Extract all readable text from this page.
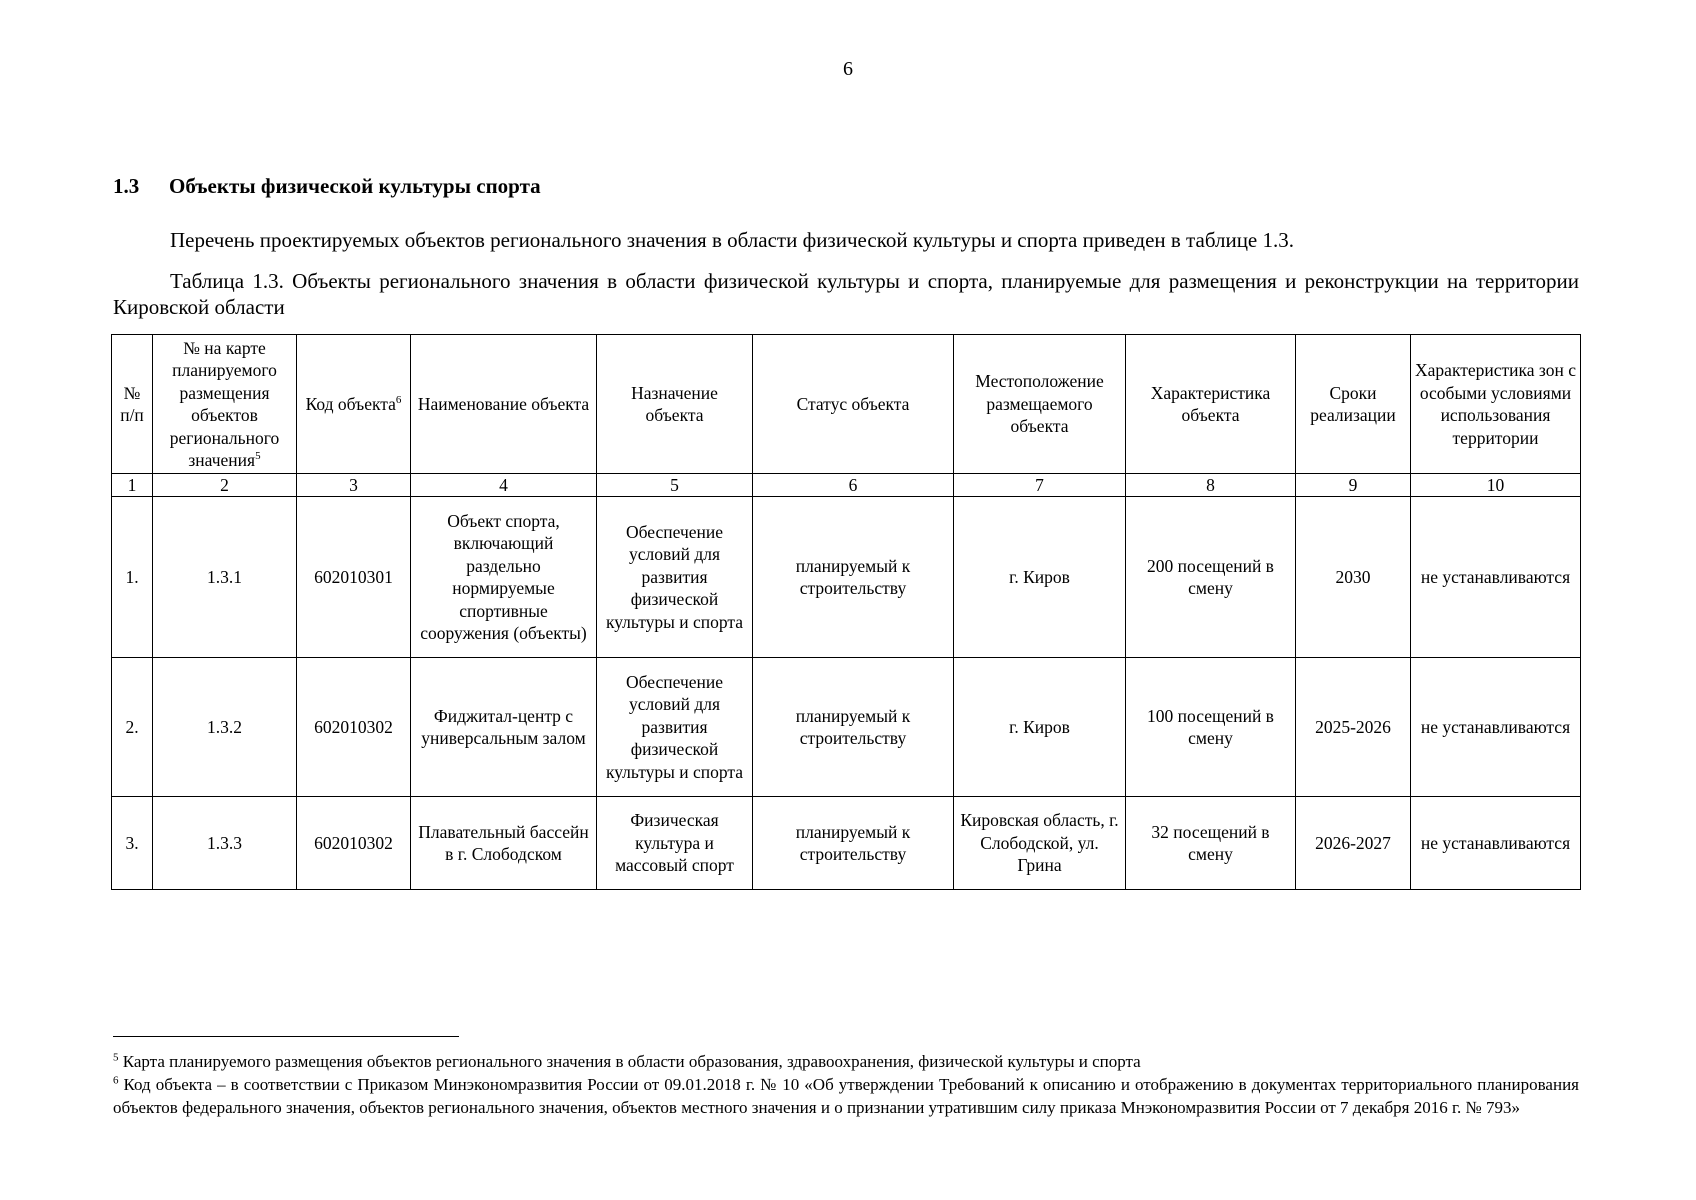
6
1.3 Объекты физической культуры спорта
Перечень проектируемых объектов регионального значения в области физической культуры и спорта приведен в таблице 1.3.
Таблица 1.3. Объекты регионального значения в области физической культуры и спорта, планируемые для размещения и реконструкции на территории Кировской области
№ п/п	№ на карте планируемого размещения объектов регионального значения$^5$	Код объекта$^6$	Наименование объекта	Назначение объекта	Статус объекта	Местоположение размещаемого объекта	Характеристика объекта	Сроки реализации	Характеристика зон с особыми условиями использования территории
1	2	3	4	5	6	7	8	9	10
1.	1.3.1	602010301	Объект спорта, включающий раздельно нормируемые спортивные сооружения (объекты)	Обеспечение условий для развития физической культуры и спорта	планируемый к строительству	г. Киров	200 посещений в смену	2030	не устанавливаются
2.	1.3.2	602010302	Фиджитал-центр с универсальным залом	Обеспечение условий для развития физической культуры и спорта	планируемый к строительству	г. Киров	100 посещений в смену	2025-2026	не устанавливаются
3.	1.3.3	602010302	Плавательный бассейн в г. Слободском	Физическая культура и массовый спорт	планируемый к строительству	Кировская область, г. Слободской, ул. Грина	32 посещений в смену	2026-2027	не устанавливаются

$^5$ Карта планируемого размещения объектов регионального значения в области образования, здравоохранения, физической культуры и спорта

$^6$ Код объекта – в соответствии с Приказом Минэкономразвития России от 09.01.2018 г. № 10 «Об утверждении Требований к описанию и отображению в документах территориального планирования объектов федерального значения, объектов регионального значения, объектов местного значения и о признании утратившим силу приказа Мнэкономразвития России от 7 декабря 2016 г. № 793»
